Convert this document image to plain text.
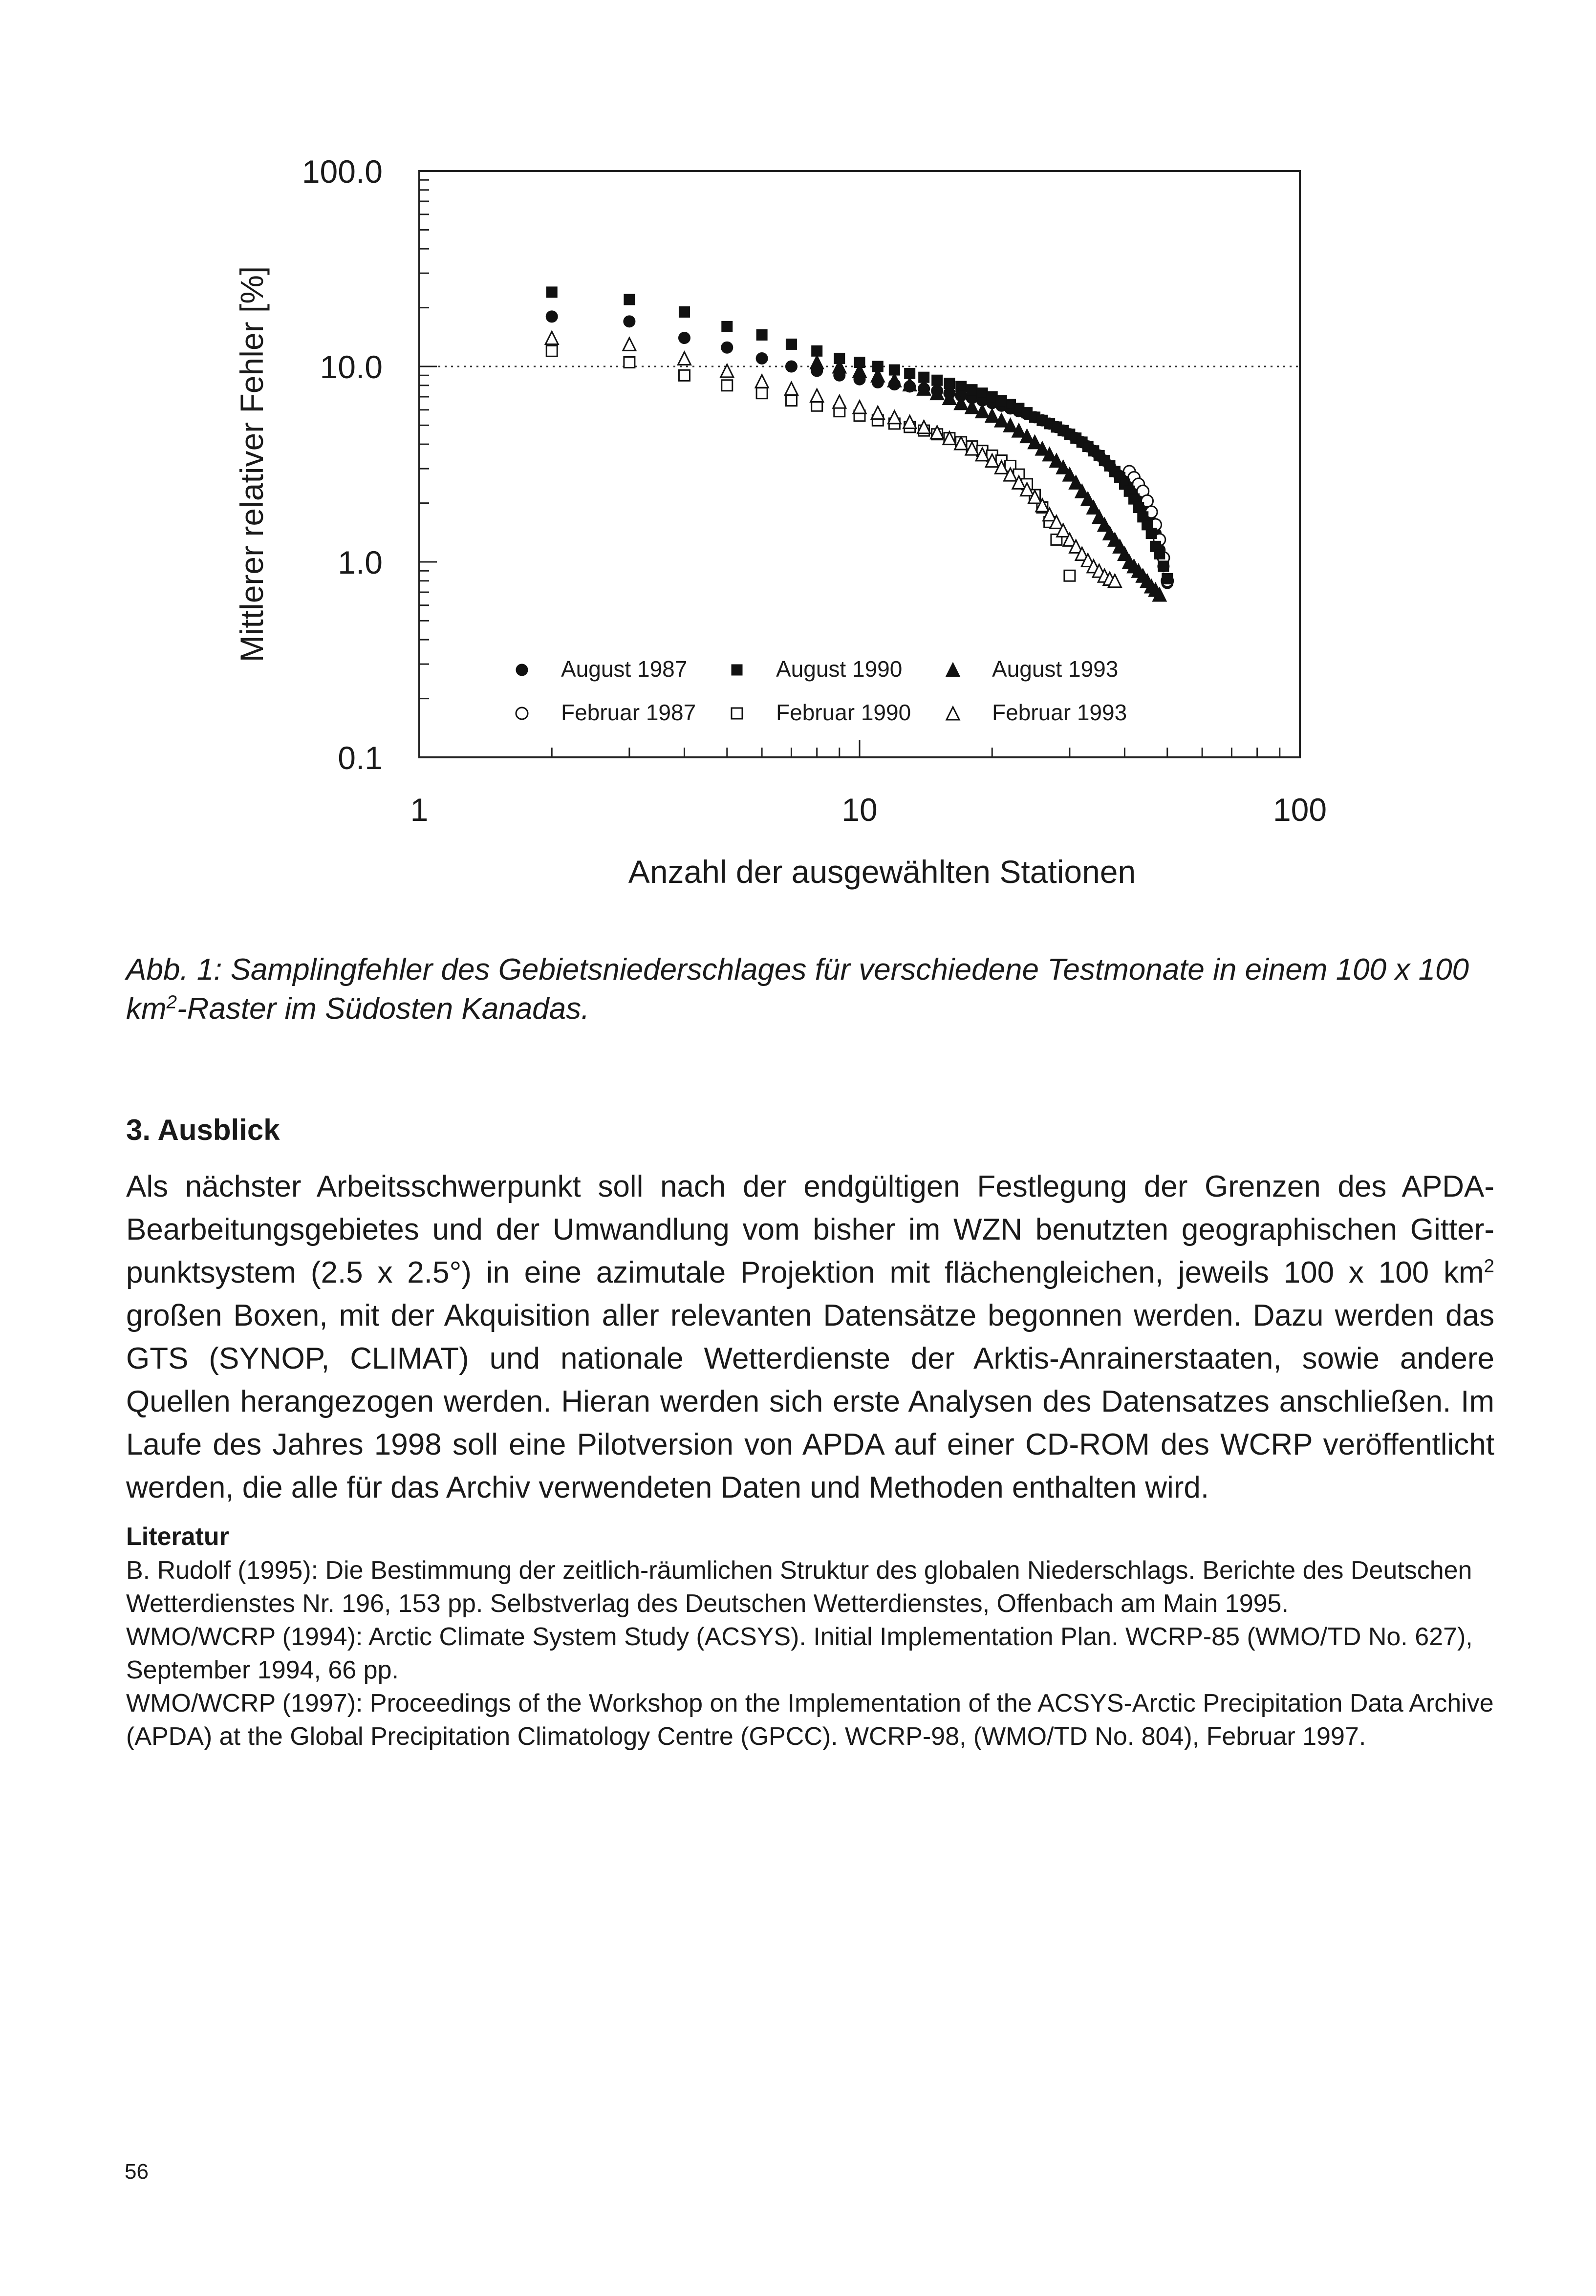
100.0
10.0
1.0
0.1
1	10	100
August 1987	August 1990	August 1993
Februar 1987	Februar 1990	Februar 1993
Anzahl der ausgewählten Stationen
Mittlerer relativer Fehler [%]
Abb. 1: Samplingfehler des Gebietsniederschlages für verschiedene Testmonate in einem 100 x 100 $km^2$-Raster im Südosten Kanadas.
3. Ausblick
Als nächster Arbeitsschwerpunkt soll nach der endgültigen Festlegung der Grenzen des APDA-Bearbeitungsgebietes und der Umwandlung vom bisher im WZN benutzten geographischen Gitter-punktsystem (2.5 x 2.5°) in eine azimutale Projektion mit flächengleichen, jeweils 100 x 100 $km^2$ großen Boxen, mit der Akquisition aller relevanten Datensätze begonnen werden. Dazu werden das GTS (SYNOP, CLIMAT) und nationale Wetterdienste der Arktis-Anrainerstaaten, sowie andere Quellen herangezogen werden. Hieran werden sich erste Analysen des Datensatzes anschließen. Im Laufe des Jahres 1998 soll eine Pilotversion von APDA auf einer CD-ROM des WCRP veröffentlicht werden, die alle für das Archiv verwendeten Daten und Methoden enthalten wird.
Literatur

B. Rudolf (1995): Die Bestimmung der zeitlich-räumlichen Struktur des globalen Niederschlags. Berichte des Deutschen Wetterdienstes Nr. 196, 153 pp. Selbstverlag des Deutschen Wetterdienstes, Offenbach am Main 1995.

WMO/WCRP (1994): Arctic Climate System Study (ACSYS). Initial Implementation Plan. WCRP-85 (WMO/TD No. 627), September 1994, 66 pp.

WMO/WCRP (1997): Proceedings of the Workshop on the Implementation of the ACSYS-Arctic Precipitation Data Archive (APDA) at the Global Precipitation Climatology Centre (GPCC). WCRP-98, (WMO/TD No. 804), Februar 1997.

56
